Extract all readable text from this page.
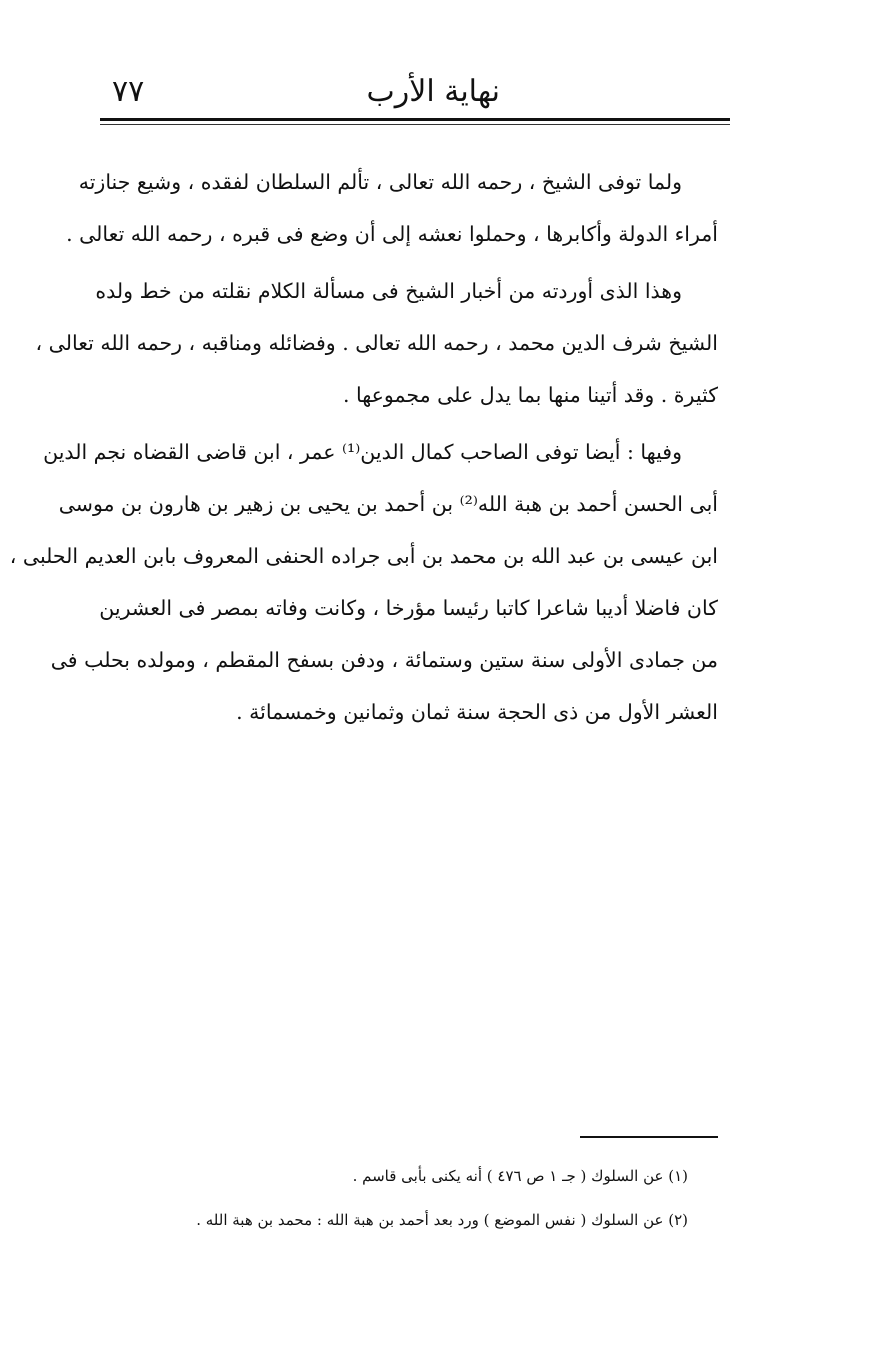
نهاية الأرب
٧٧
ولما توفى الشيخ ، رحمه الله تعالى ، تألم السلطان لفقده ، وشيع جنازته
أمراء الدولة وأكابرها ، وحملوا نعشه إلى أن وضع فى قبره ، رحمه الله تعالى .
وهذا الذى أوردته من أخبار الشيخ فى مسألة الكلام نقلته من خط ولده
الشيخ شرف الدين محمد ، رحمه الله تعالى . وفضائله ومناقبه ، رحمه الله تعالى ،
كثيرة . وقد أتينا منها بما يدل على مجموعها .
وفيها : أيضا توفى الصاحب كمال الدين⁽¹⁾ عمر ، ابن قاضى القضاه نجم الدين
أبى الحسن أحمد بن هبة الله⁽²⁾ بن أحمد بن يحيى بن زهير بن هارون بن موسى
ابن عيسى بن عبد الله بن محمد بن أبى جراده الحنفى المعروف بابن العديم الحلبى ،
كان فاضلا أديبا شاعرا كاتبا رئيسا مؤرخا ، وكانت وفاته بمصر فى العشرين
من جمادى الأولى سنة ستين وستمائة ، ودفن بسفح المقطم ، ومولده بحلب فى
العشر الأول من ذى الحجة سنة ثمان وثمانين وخمسمائة .
(١) عن السلوك ( جـ ١ ص ٤٧٦ ) أنه يكنى بأبى قاسم .
(٢) عن السلوك ( نفس الموضع ) ورد بعد أحمد بن هبة الله : محمد بن هبة الله .
